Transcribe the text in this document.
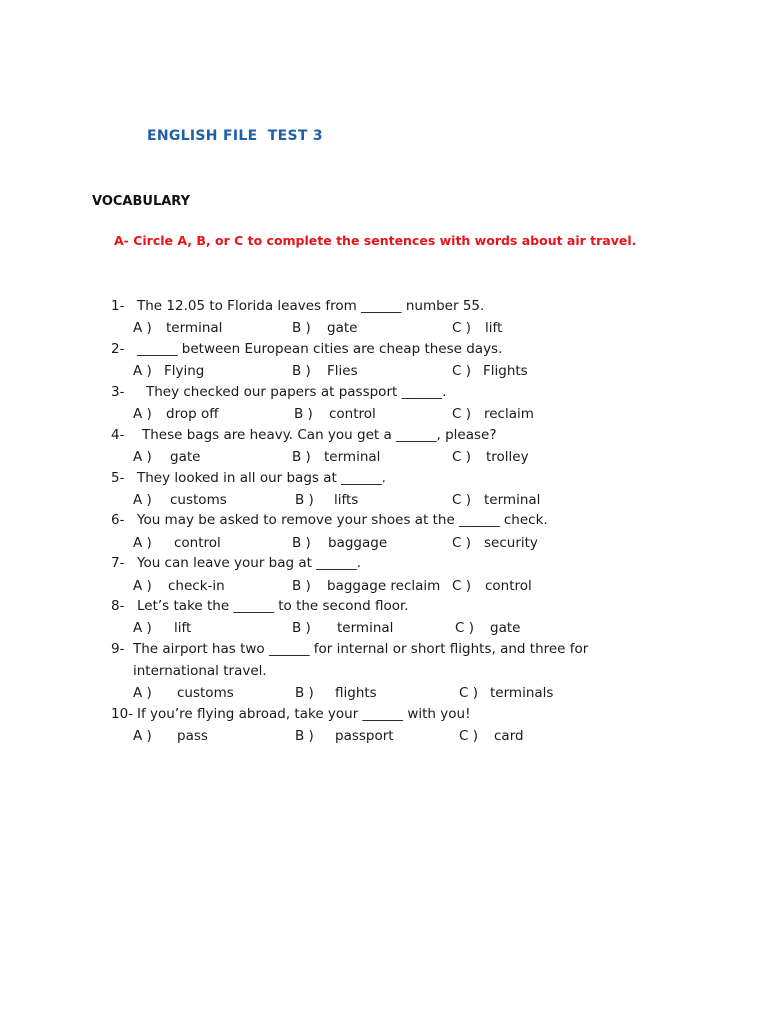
ENGLISH FILE  TEST 3
VOCABULARY
A- Circle A, B, or C to complete the sentences with words about air travel.
1- The 12.05 to Florida leaves from ______ number 55.
A ) terminal	B ) gate	C ) lift
2- ______ between European cities are cheap these days.
A ) Flying	B ) Flies	C ) Flights
3- They checked our papers at passport ______.
A ) drop off	B ) control	C ) reclaim
4- These bags are heavy. Can you get a ______, please?
A ) gate	B ) terminal	C ) trolley
5- They looked in all our bags at ______.
A ) customs	B ) lifts	C ) terminal
6- You may be asked to remove your shoes at the ______ check.
A ) control	B ) baggage	C ) security
7- You can leave your bag at ______.
A ) check-in	B ) baggage reclaim C ) control
8- Let’s take the ______ to the second floor.
A ) lift	B ) terminal	C ) gate
9- The airport has two ______ for internal or short flights, and three for
international travel.
A ) customs	B ) flights	C ) terminals
10- If you’re flying abroad, take your ______ with you!
A ) pass	B ) passport	C ) card
